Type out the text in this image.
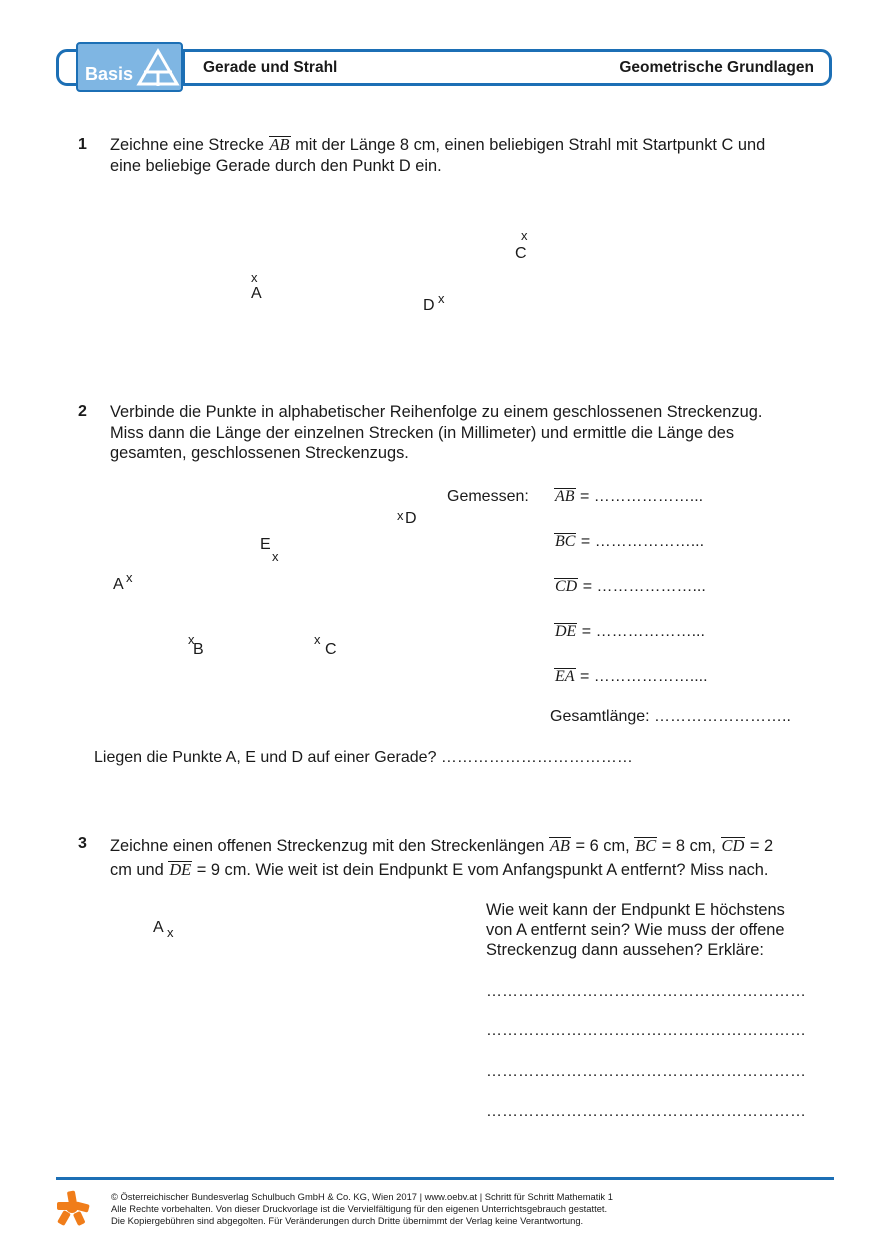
Basis	Gerade und Strahl	Geometrische Grundlagen
1 Zeichne eine Strecke AB mit der Länge 8 cm, einen beliebigen Strahl mit Startpunkt C und
eine beliebige Gerade durch den Punkt D ein.
x
A
x
C
D x
2 Verbinde die Punkte in alphabetischer Reihenfolge zu einem geschlossenen Streckenzug.
Miss dann die Länge der einzelnen Strecken (in Millimeter) und ermittle die Länge des
gesamten, geschlossenen Streckenzugs.
A x
x
B
x
C
x D
E
x
Gemessen: AB = ………………...
BC = ………………...
CD = ………………...
DE = ………………...
EA = ………………....
Gesamtlänge: ……………………..
Liegen die Punkte A, E und D auf einer Gerade? ………………………………
3 Zeichne einen offenen Streckenzug mit den Streckenlängen AB = 6 cm, BC = 8 cm, CD = 2
cm und DE = 9 cm. Wie weit ist dein Endpunkt E vom Anfangspunkt A entfernt? Miss nach.
A x
Wie weit kann der Endpunkt E höchstens
von A entfernt sein? Wie muss der offene
Streckenzug dann aussehen? Erkläre:
……………………………………………………
……………………………………………………
……………………………………………………
……………………………………………………
© Österreichischer Bundesverlag Schulbuch GmbH & Co. KG, Wien 2017 | www.oebv.at | Schritt für Schritt Mathematik 1
Alle Rechte vorbehalten. Von dieser Druckvorlage ist die Vervielfältigung für den eigenen Unterrichtsgebrauch gestattet.
Die Kopiergebühren sind abgegolten. Für Veränderungen durch Dritte übernimmt der Verlag keine Verantwortung.
